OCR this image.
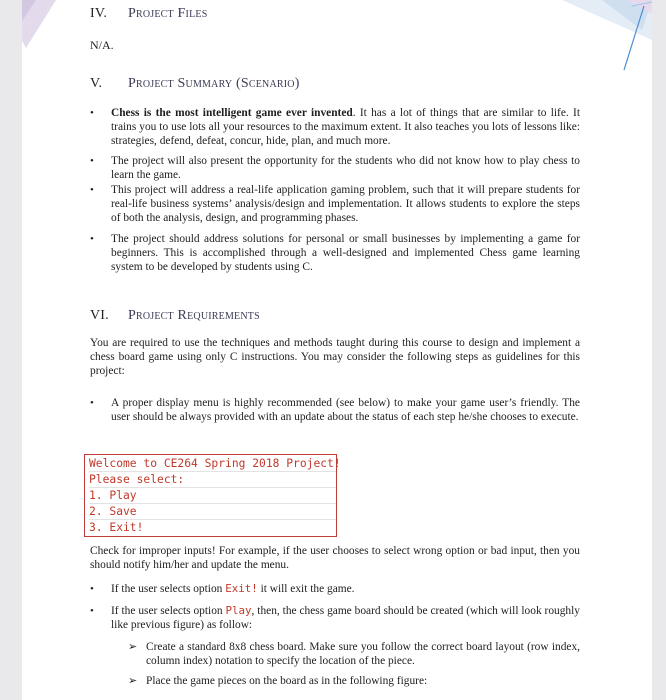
IV. Project Files
N/A.
V. Project Summary (Scenario)
• Chess is the most intelligent game ever invented. It has a lot of things that are similar to life. It trains you to use lots all your resources to the maximum extent. It also teaches you lots of lessons like: strategies, defend, defeat, concur, hide, plan, and much more.
• The project will also present the opportunity for the students who did not know how to play chess to learn the game.
• This project will address a real-life application gaming problem, such that it will prepare students for real-life business systems’ analysis/design and implementation. It allows students to explore the steps of both the analysis, design, and programming phases.
• The project should address solutions for personal or small businesses by implementing a game for beginners. This is accomplished through a well-designed and implemented Chess game learning system to be developed by students using C.
VI. Project Requirements
You are required to use the techniques and methods taught during this course to design and implement a chess board game using only C instructions. You may consider the following steps as guidelines for this project:
• A proper display menu is highly recommended (see below) to make your game user’s friendly. The user should be always provided with an update about the status of each step he/she chooses to execute.
Welcome to CE264 Spring 2018 Project!
Please select:
1. Play
2. Save
3. Exit!
Check for improper inputs! For example, if the user chooses to select wrong option or bad input, then you should notify him/her and update the menu.
• If the user selects option Exit! it will exit the game.
• If the user selects option Play, then, the chess game board should be created (which will look roughly like previous figure) as follow:
➢ Create a standard 8x8 chess board. Make sure you follow the correct board layout (row index, column index) notation to specify the location of the piece.
➢ Place the game pieces on the board as in the following figure:
